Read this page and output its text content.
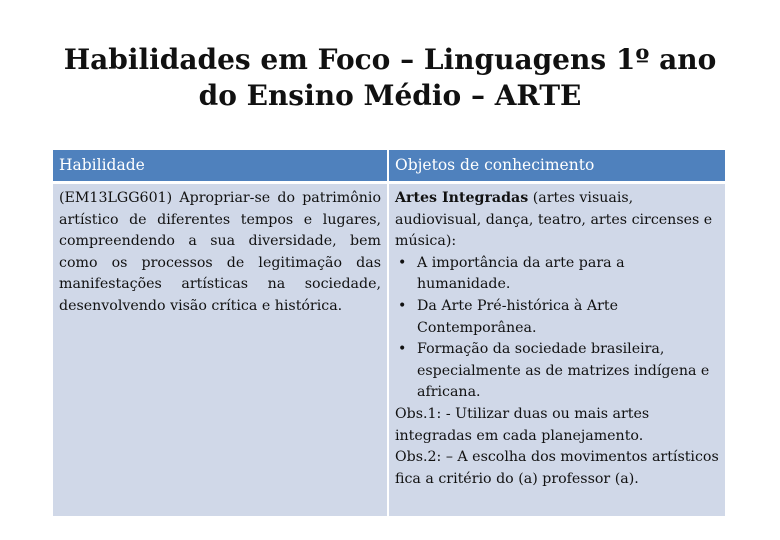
Habilidades em Foco – Linguagens 1º ano do Ensino Médio – ARTE
Habilidade	Objetos de conhecimento

(EM13LGG601) Apropriar-se do patrimônio artístico de diferentes tempos e lugares, compreendendo a sua diversidade, bem como os processos de legitimação das manifestações artísticas na sociedade, desenvolvendo visão crítica e histórica.

Artes Integradas (artes visuais, audiovisual, dança, teatro, artes circenses e música):

• A importância da arte para a humanidade.
• Da Arte Pré-histórica à Arte Contemporânea.
• Formação da sociedade brasileira, especialmente as de matrizes indígena e africana.

Obs.1: - Utilizar duas ou mais artes integradas em cada planejamento.

Obs.2: – A escolha dos movimentos artísticos fica a critério do (a) professor (a).
